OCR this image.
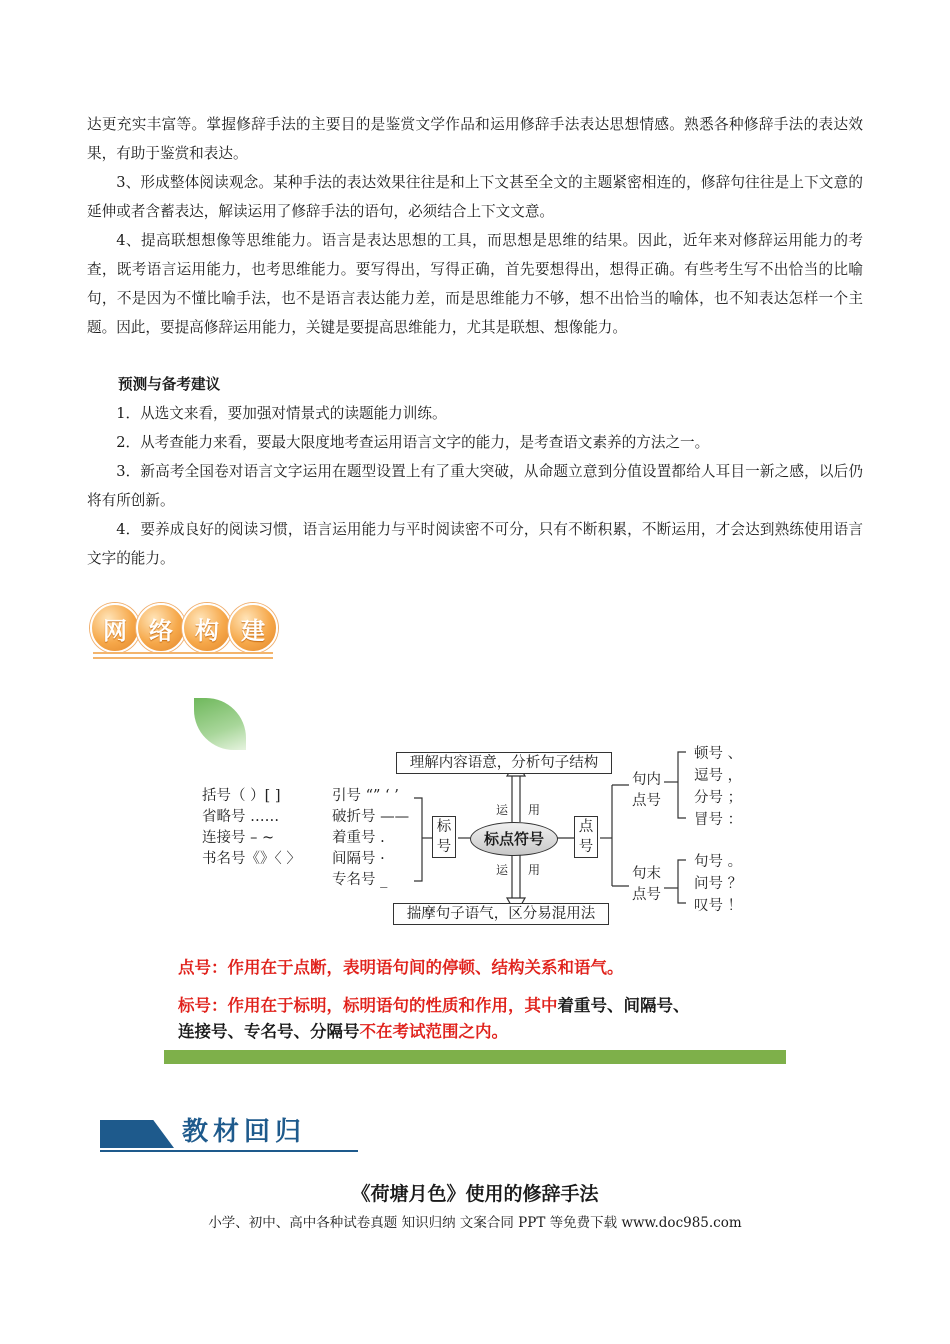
达更充实丰富等。掌握修辞手法的主要目的是鉴赏文学作品和运用修辞手法表达思想情感。熟悉各种修辞手法的表达效果，有助于鉴赏和表达。

3、形成整体阅读观念。某种手法的表达效果往往是和上下文甚至全文的主题紧密相连的，修辞句往往是上下文意的延伸或者含蓄表达，解读运用了修辞手法的语句，必须结合上下文文意。

4、提高联想想像等思维能力。语言是表达思想的工具，而思想是思维的结果。因此，近年来对修辞运用能力的考查，既考语言运用能力，也考思维能力。要写得出，写得正确，首先要想得出，想得正确。有些考生写不出恰当的比喻句，不是因为不懂比喻手法，也不是语言表达能力差，而是思维能力不够，想不出恰当的喻体，也不知表达怎样一个主题。因此，要提高修辞运用能力，关键是要提高思维能力，尤其是联想、想像能力。

预测与备考建议

1．从选文来看，要加强对情景式的读题能力训练。

2．从考查能力来看，要最大限度地考查运用语言文字的能力，是考查语文素养的方法之一。

3．新高考全国卷对语言文字运用在题型设置上有了重大突破，从命题立意到分值设置都给人耳目一新之感，以后仍将有所创新。

4．要养成良好的阅读习惯，语言运用能力与平时阅读密不可分，只有不断积累，不断运用，才会达到熟练使用语言文字的能力。

网 络 构 建
理解内容语意，分析句子结构
揣摩句子语气，区分易混用法
运 用
运 用
括号（ ）[ ]
省略号 ……
连接号 – ~
书名号《》〈 〉
引号 “” ‘ ’
破折号 ——
着重号 .
间隔号 ·
专名号 _
标号	标点符号
点号
句内点号
句末点号
顿号 、
逗号 ，
分号 ；
冒号 ：
句号 。
问号 ？
叹号 ！
点号：作用在于点断，表明语句间的停顿、结构关系和语气。
标号：作用在于标明，标明语句的性质和作用，其中着重号、间隔号、
连接号、专名号、分隔号不在考试范围之内。
教材回归
《荷塘月色》使用的修辞手法
小学、初中、高中各种试卷真题 知识归纳 文案合同 PPT 等免费下载 www.doc985.com
